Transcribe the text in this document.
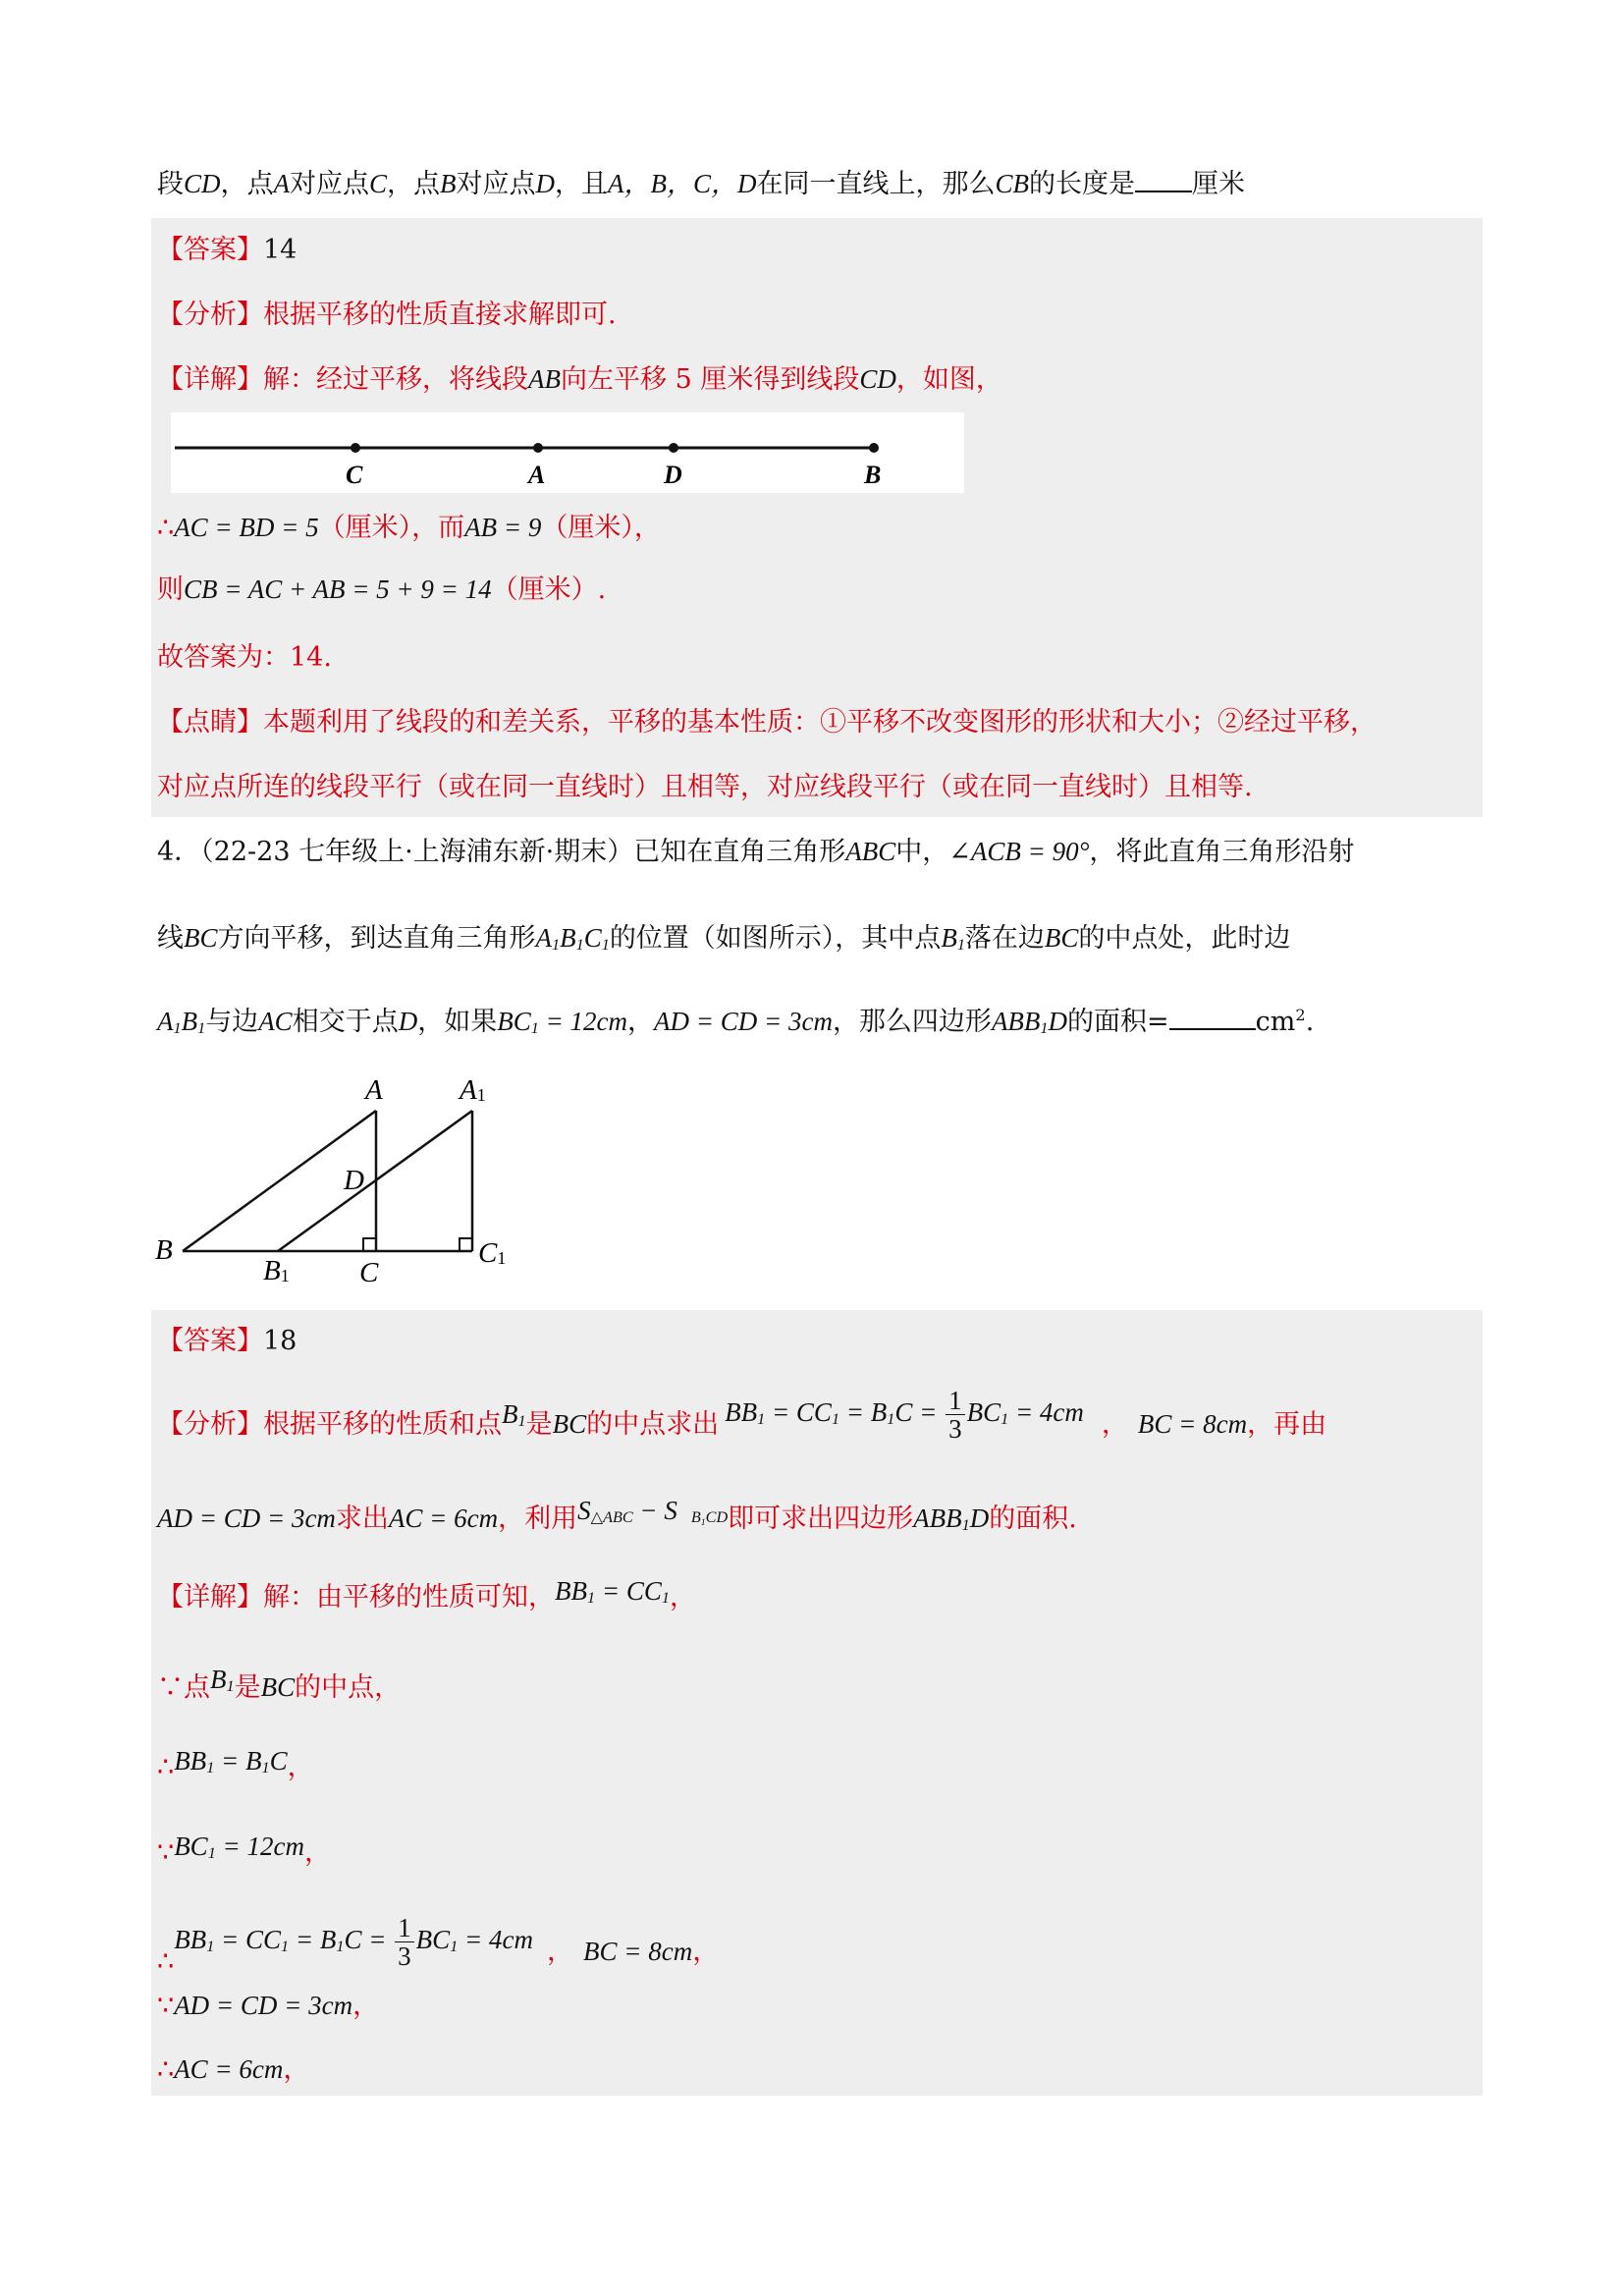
段CD，点A对应点C，点B对应点D，且A，B，C，D在同一直线上，那么CB的长度是 厘米
【答案】14
【分析】根据平移的性质直接求解即可.
【详解】解：经过平移，将线段AB向左平移 5 厘米得到线段CD，如图，
C	A	D	B
∴AC = BD = 5（厘米），而AB = 9（厘米），
则CB = AC + AB = 5 + 9 = 14（厘米）.
故答案为：14.
【点睛】本题利用了线段的和差关系，平移的基本性质：①平移不改变图形的形状和大小；②经过平移，
对应点所连的线段平行（或在同一直线时）且相等，对应线段平行（或在同一直线时）且相等.
4．（22-23 七年级上·上海浦东新·期末）已知在直角三角形ABC中，∠ACB = 90°，将此直角三角形沿射
线BC方向平移，到达直角三角形$A_1B_1C_1$的位置（如图所示），其中点$B_1$落在边BC的中点处，此时边
$A_1B_1$与边AC相交于点D，如果$BC_1 = 12cm$，AD = CD = 3cm，那么四边形$ABB_1D$的面积=	$cm^2$.
A	A1
D
B
B1 C
C1
【答案】18
【分析】根据平移的性质和点$B_1$是BC的中点求出 $BB_1 = CC_1 = B_1C = \frac{1}{3} BC_1 = 4cm$ ， BC = 8cm，再由
AD = CD = 3cm求出AC = 6cm，利用$S_{\triangle ABC} - S$ $_{B_1CD}$即可求出四边形$ABB_1D$的面积.
【详解】解：由平移的性质可知，$BB_1 = CC_1$，
∵点$B_1$是BC的中点，
$\therefore BB_1 = B_1C$，
$\because BC_1 = 12cm$，
$\therefore BB_1 = CC_1 = B_1C = \frac{1}{3} BC_1 = 4cm$ ， BC = 8cm，
∵AD = CD = 3cm，
∴AC = 6cm，
